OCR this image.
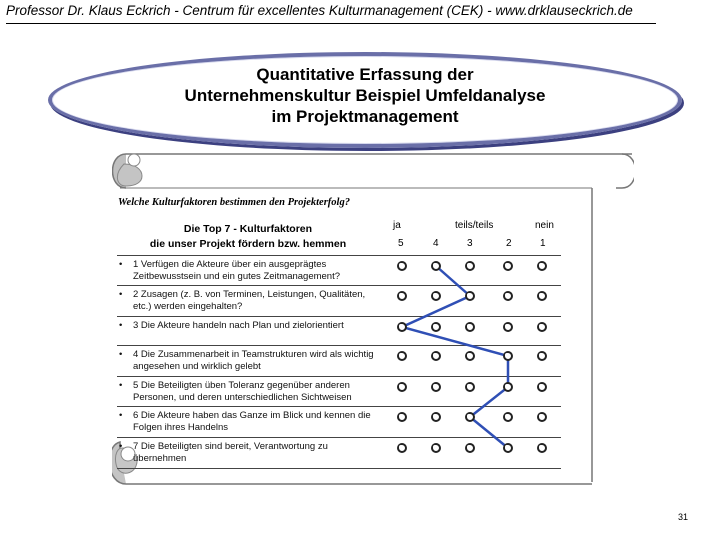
Professor Dr. Klaus Eckrich - Centrum für excellentes Kulturmanagement (CEK) - www.drklauseckrich.de
Quantitative Erfassung der
Unternehmenskultur Beispiel Umfeldanalyse
im Projektmanagement
Welche Kulturfaktoren bestimmen den Projekterfolg?
ja	teils/teils	nein
Die Top 7 - Kulturfaktoren
die unser Projekt fördern bzw. hemmen	5	4	3	2	1
•	1 Verfügen die Akteure über ein ausgeprägtes Zeitbewusstsein und ein gutes Zeitmanagement?
•	2 Zusagen (z. B. von Terminen, Leistungen, Qualitäten, etc.) werden eingehalten?
•	3 Die Akteure handeln nach Plan und zielorientiert
•	4 Die Zusammenarbeit in Teamstrukturen wird als wichtig angesehen und wirklich gelebt
•	5 Die Beteiligten üben Toleranz gegenüber anderen Personen, und deren unterschiedlichen Sichtweisen
•	6 Die Akteure haben das Ganze im Blick und kennen die Folgen ihres Handelns
•	7 Die Beteiligten sind bereit, Verantwortung zu übernehmen
31
